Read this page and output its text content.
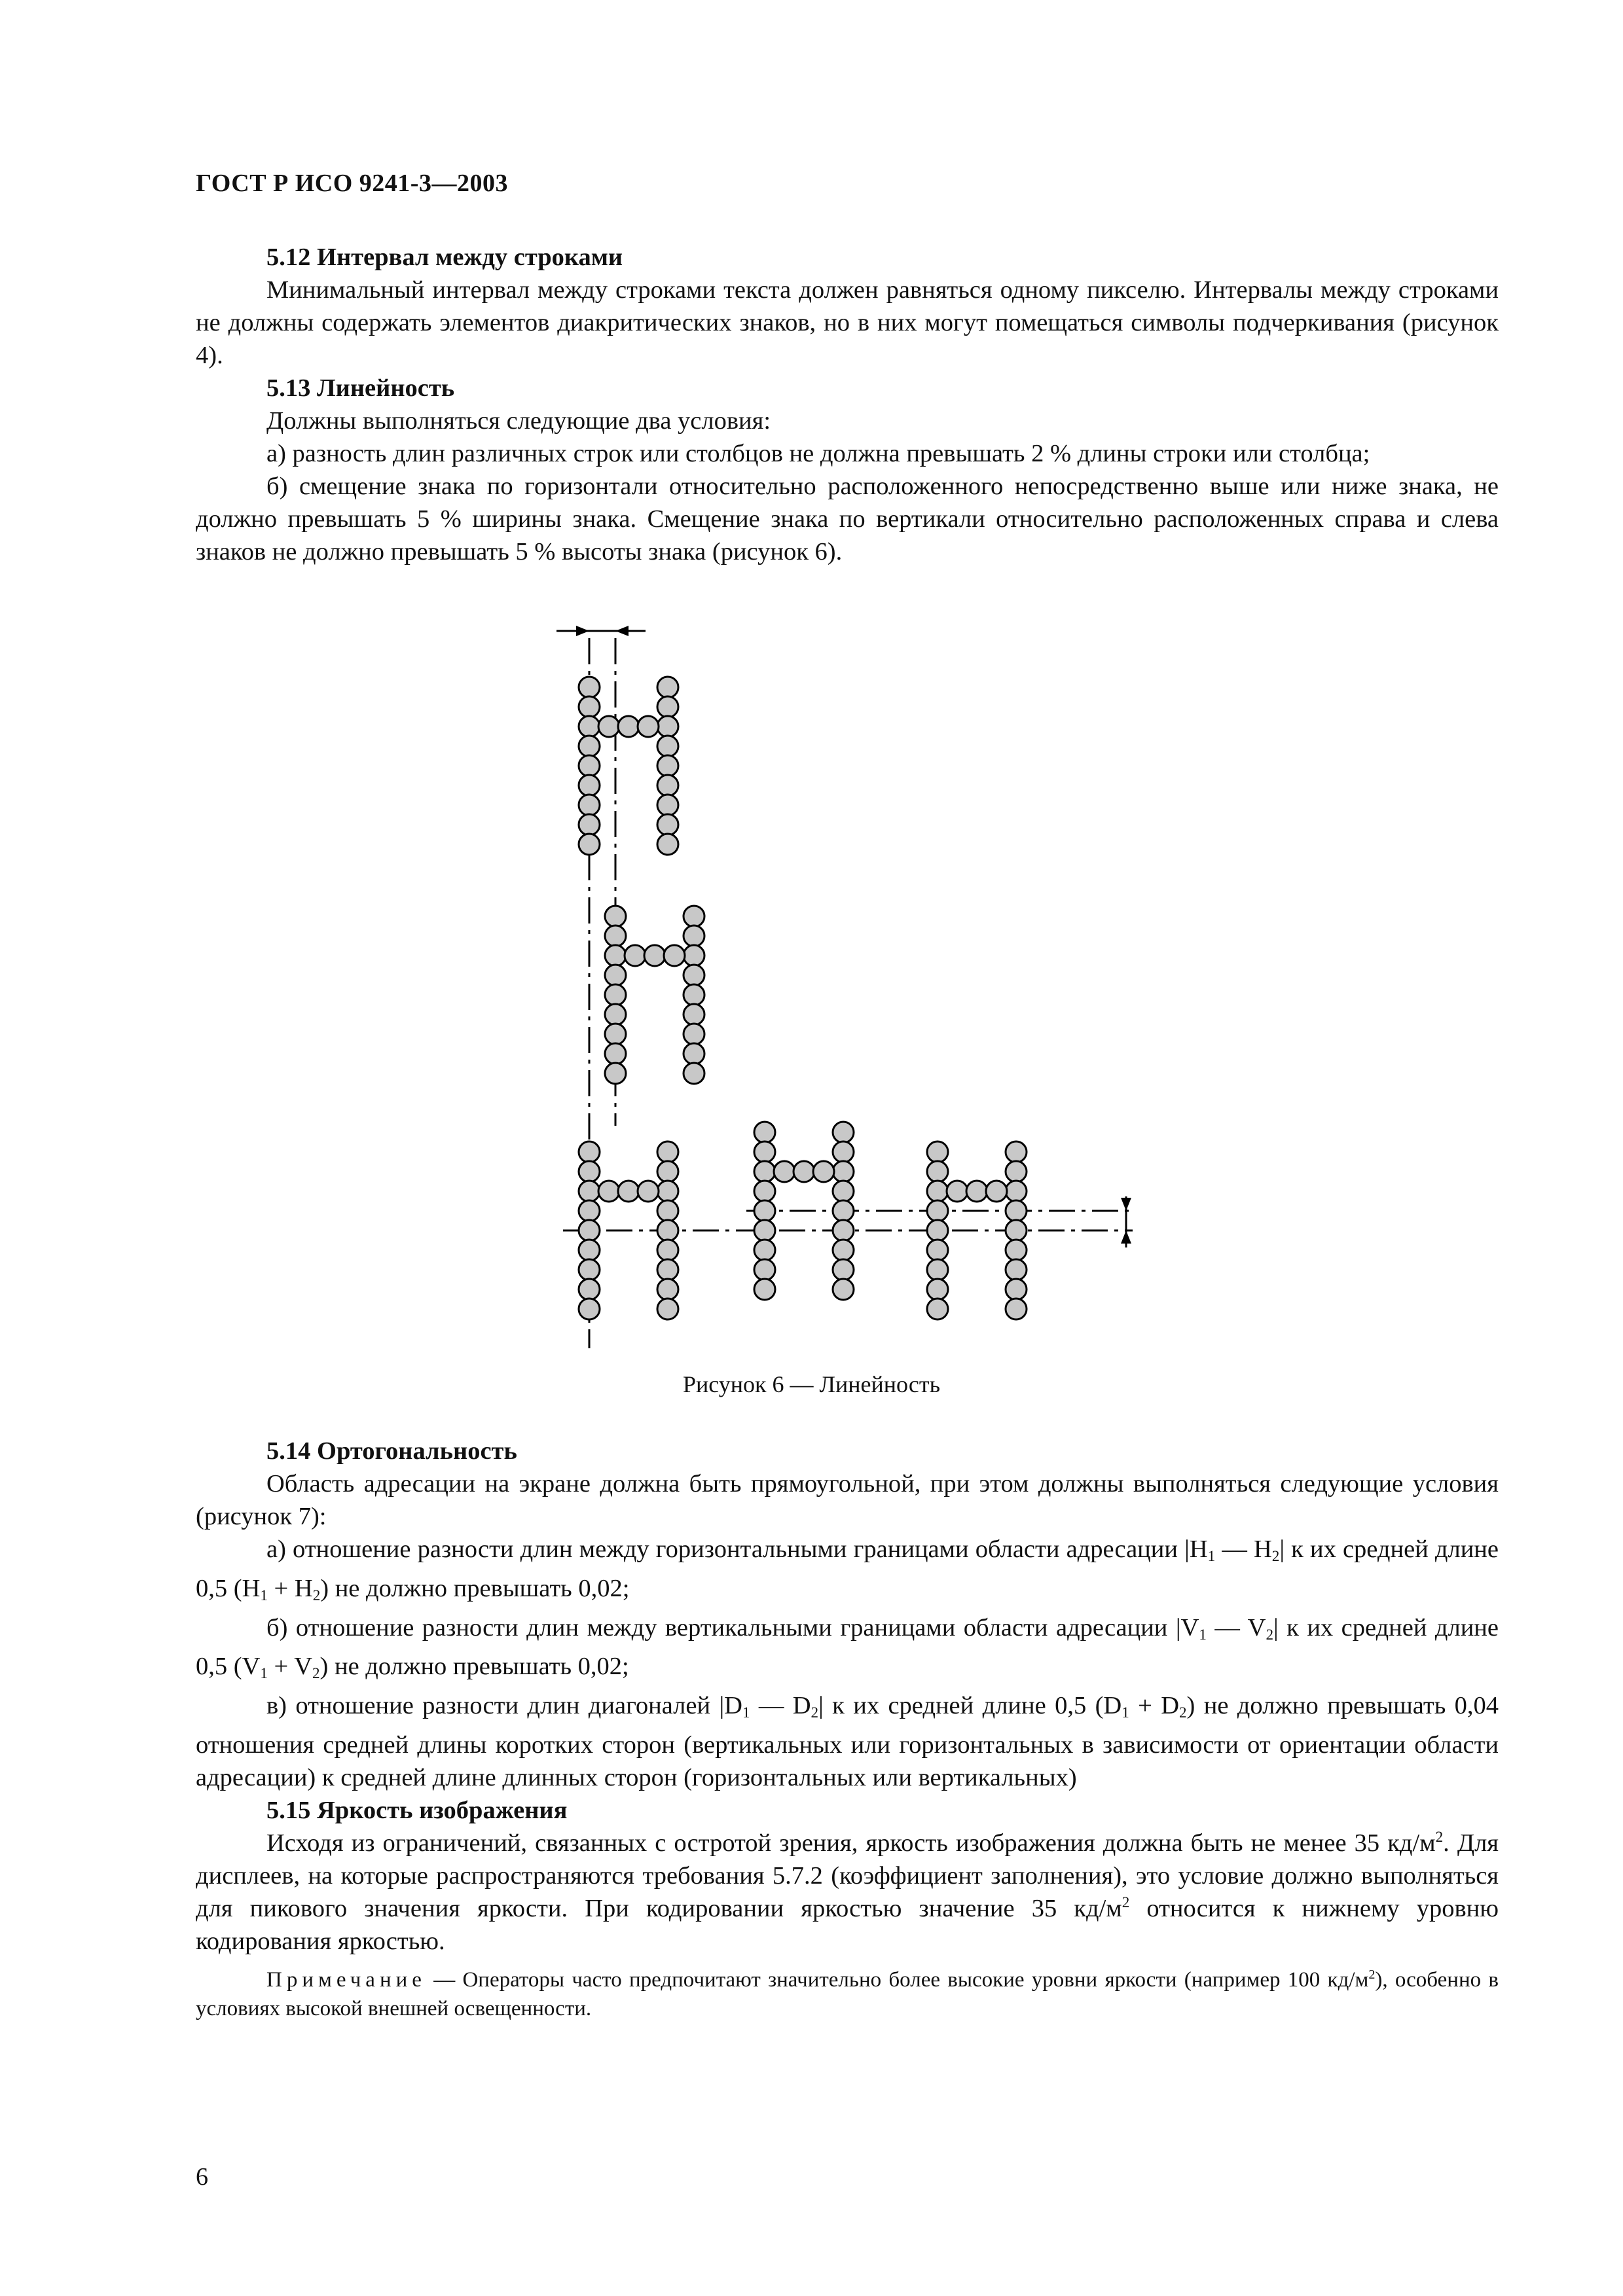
ГОСТ Р ИСО 9241-3—2003

5.12 Интервал между строками

Минимальный интервал между строками текста должен равняться одному пикселю. Интервалы между строками не должны содержать элементов диакритических знаков, но в них могут помещаться символы подчеркивания (рисунок 4).

5.13 Линейность

Должны выполняться следующие два условия:

а) разность длин различных строк или столбцов не должна превышать 2 % длины строки или столбца;

б) смещение знака по горизонтали относительно расположенного непосредственно выше или ниже знака, не должно превышать 5 % ширины знака. Смещение знака по вертикали относительно расположенных справа и слева знаков не должно превышать 5 % высоты знака (рисунок 6).

Рисунок 6 — Линейность

5.14 Ортогональность

Область адресации на экране должна быть прямоугольной, при этом должны выполняться следующие условия (рисунок 7):

а) отношение разности длин между горизонтальными границами области адресации $|H_1$ — $H_2|$ к их средней длине 0,5 $(H_1 + H_2)$ не должно превышать 0,02;

б) отношение разности длин между вертикальными границами области адресации $|V_1$ — $V_2|$ к их средней длине 0,5 $(V_1 + V_2)$ не должно превышать 0,02;

в) отношение разности длин диагоналей $|D_1$ — $D_2|$ к их средней длине 0,5 $(D_1 + D_2)$ не должно превышать 0,04 отношения средней длины коротких сторон (вертикальных или горизонтальных в зависимости от ориентации области адресации) к средней длине длинных сторон (горизонтальных или вертикальных)

5.15 Яркость изображения

Исходя из ограничений, связанных с остротой зрения, яркость изображения должна быть не менее 35 $кд/м^2$. Для дисплеев, на которые распространяются требования 5.7.2 (коэффициент заполнения), это условие должно выполняться для пикового значения яркости. При кодировании яркостью значение 35 $кд/м^2$ относится к нижнему уровню кодирования яркостью.

Примечание — Операторы часто предпочитают значительно более высокие уровни яркости (например 100 $кд/м^2$), особенно в условиях высокой внешней освещенности.

6
